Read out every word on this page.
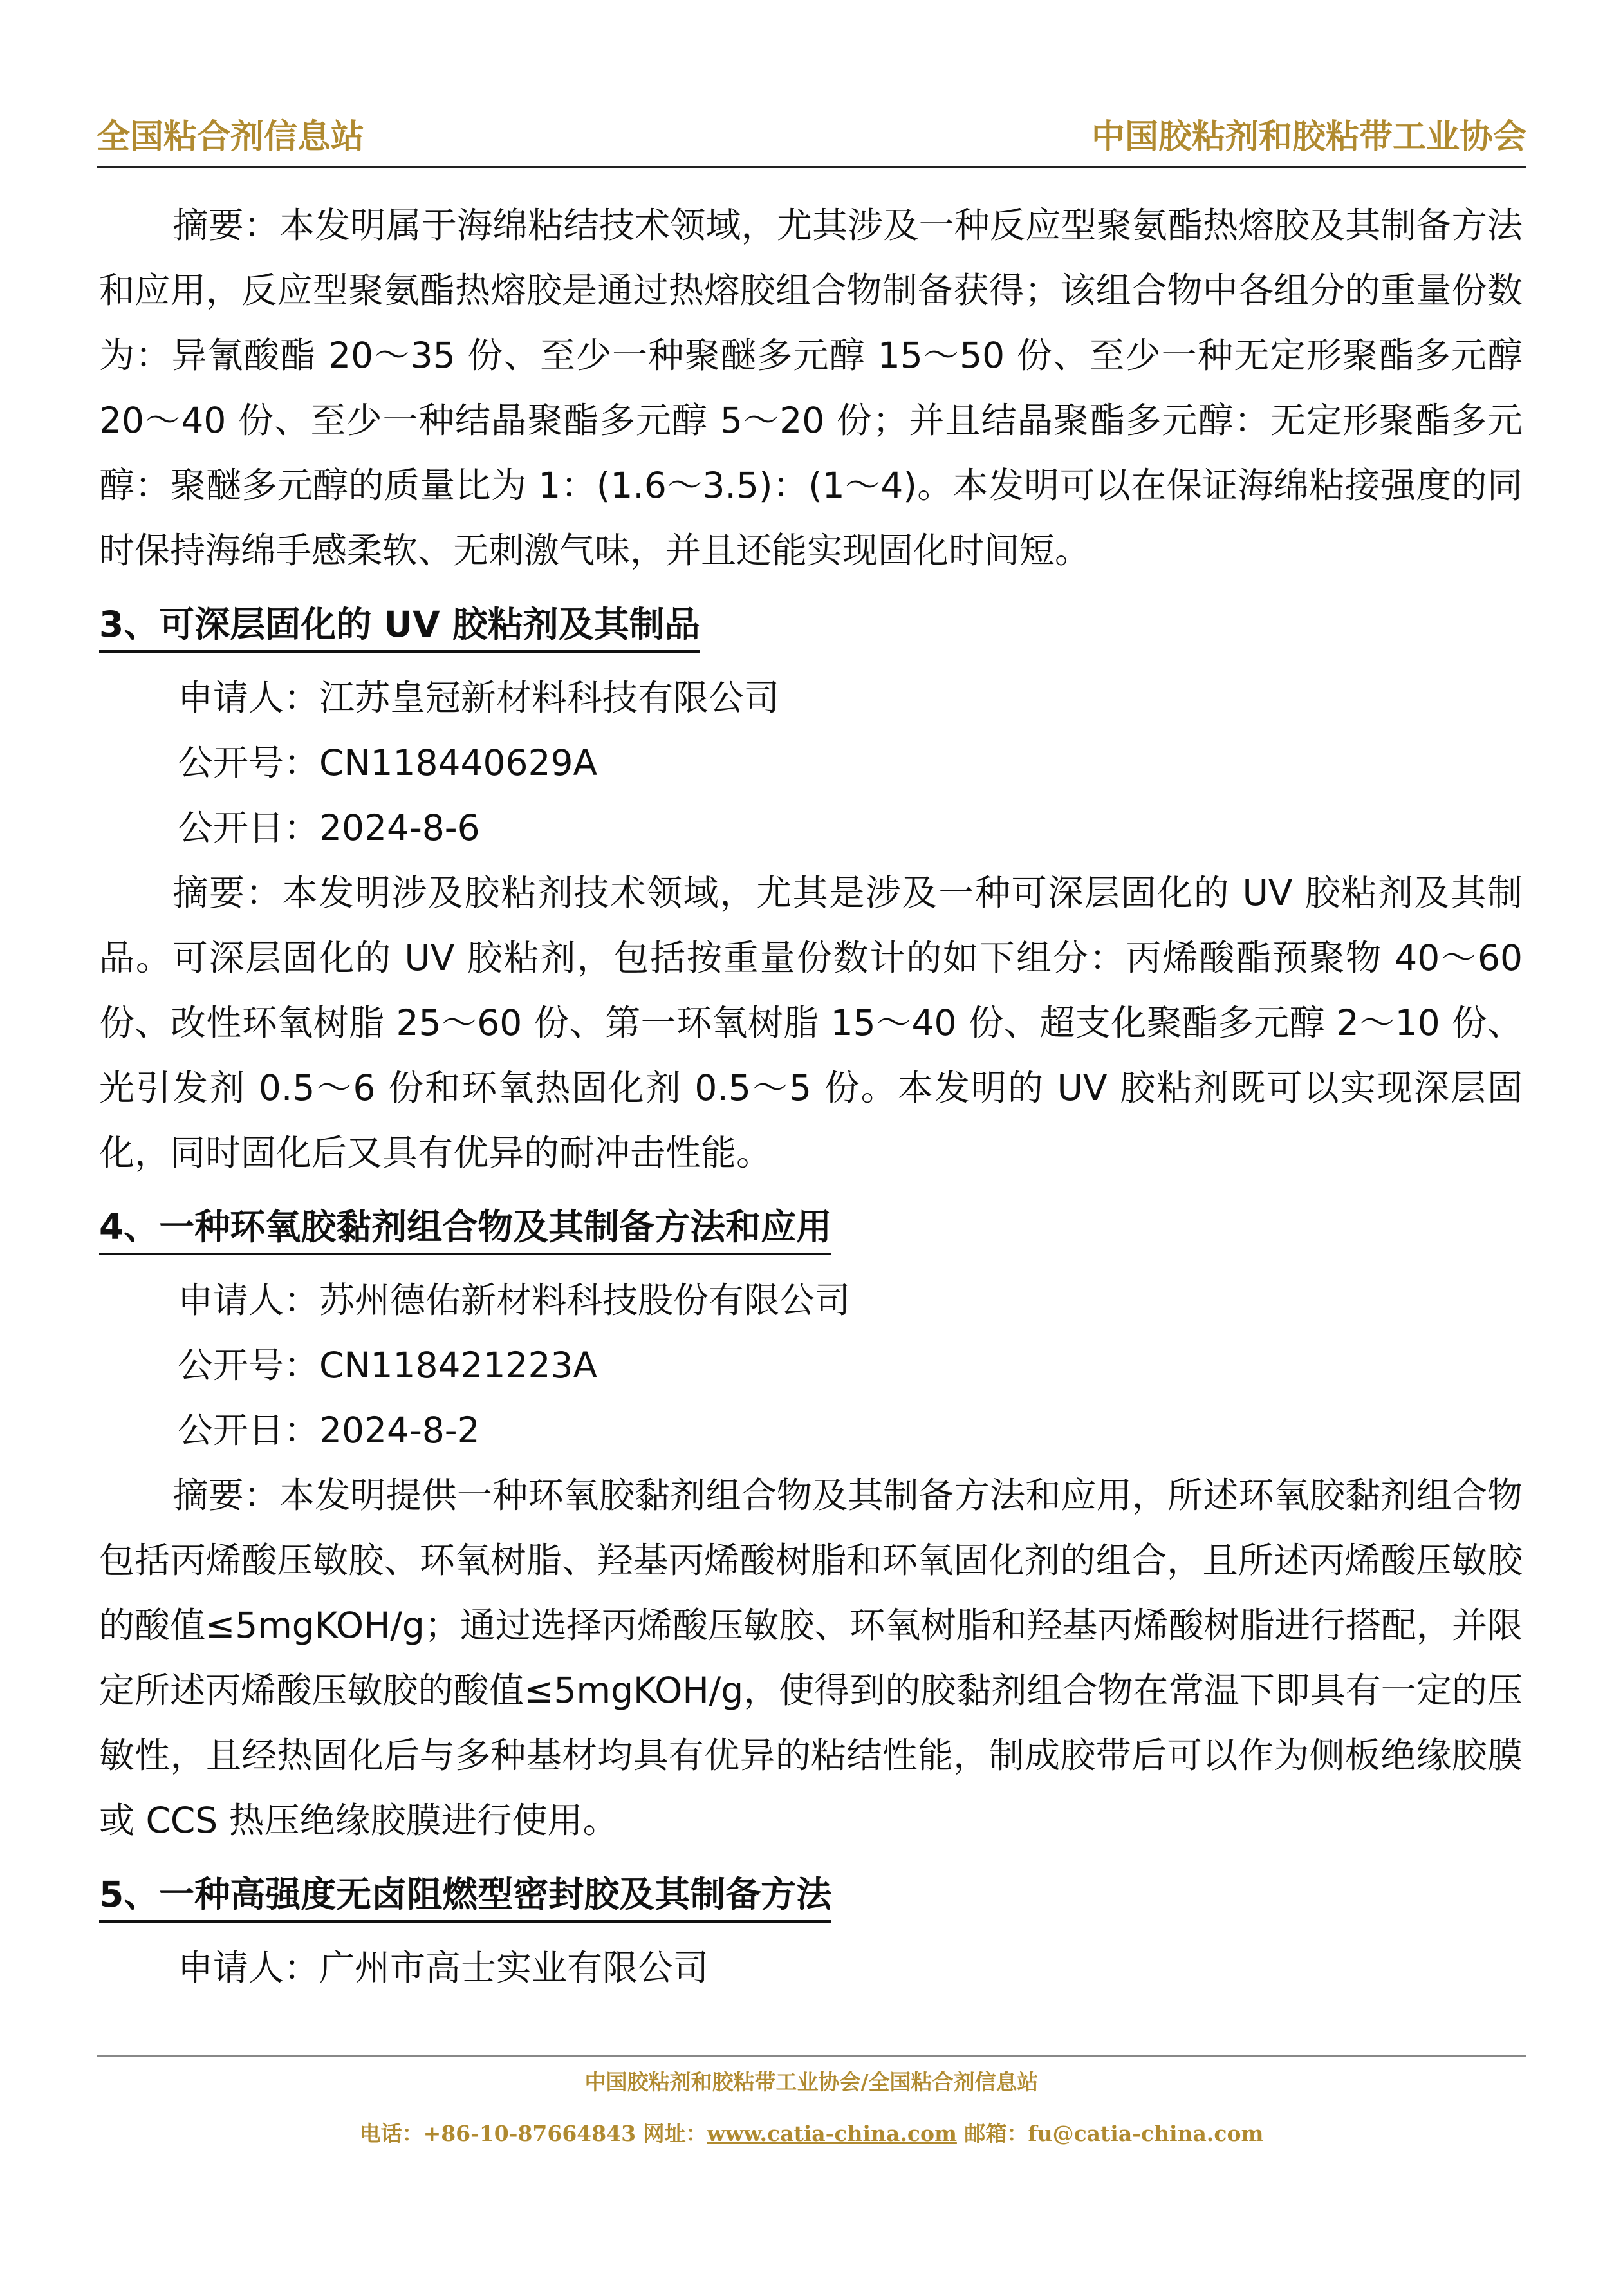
全国粘合剂信息站	中国胶粘剂和胶粘带工业协会

摘要：本发明属于海绵粘结技术领域，尤其涉及一种反应型聚氨酯热熔胶及其制备方法和应用，反应型聚氨酯热熔胶是通过热熔胶组合物制备获得；该组合物中各组分的重量份数为：异氰酸酯 20～35 份、至少一种聚醚多元醇 15～50 份、至少一种无定形聚酯多元醇 20～40 份、至少一种结晶聚酯多元醇 5～20 份；并且结晶聚酯多元醇：无定形聚酯多元醇：聚醚多元醇的质量比为 1：(1.6～3.5)：(1～4)。本发明可以在保证海绵粘接强度的同时保持海绵手感柔软、无刺激气味，并且还能实现固化时间短。

3、可深层固化的 UV 胶粘剂及其制品

申请人：江苏皇冠新材料科技有限公司

公开号：CN118440629A

公开日：2024-8-6

摘要：本发明涉及胶粘剂技术领域，尤其是涉及一种可深层固化的 UV 胶粘剂及其制品。可深层固化的 UV 胶粘剂，包括按重量份数计的如下组分：丙烯酸酯预聚物 40～60 份、改性环氧树脂 25～60 份、第一环氧树脂 15～40 份、超支化聚酯多元醇 2～10 份、光引发剂 0.5～6 份和环氧热固化剂 0.5～5 份。本发明的 UV 胶粘剂既可以实现深层固化，同时固化后又具有优异的耐冲击性能。

4、一种环氧胶黏剂组合物及其制备方法和应用

申请人：苏州德佑新材料科技股份有限公司

公开号：CN118421223A

公开日：2024-8-2

摘要：本发明提供一种环氧胶黏剂组合物及其制备方法和应用，所述环氧胶黏剂组合物包括丙烯酸压敏胶、环氧树脂、羟基丙烯酸树脂和环氧固化剂的组合，且所述丙烯酸压敏胶的酸值≤5mgKOH/g；通过选择丙烯酸压敏胶、环氧树脂和羟基丙烯酸树脂进行搭配，并限定所述丙烯酸压敏胶的酸值≤5mgKOH/g，使得到的胶黏剂组合物在常温下即具有一定的压敏性，且经热固化后与多种基材均具有优异的粘结性能，制成胶带后可以作为侧板绝缘胶膜或 CCS 热压绝缘胶膜进行使用。

5、一种高强度无卤阻燃型密封胶及其制备方法

申请人：广州市高士实业有限公司

中国胶粘剂和胶粘带工业协会/全国粘合剂信息站
电话：+86-10-87664843 网址：www.catia-china.com 邮箱：fu@catia-china.com
